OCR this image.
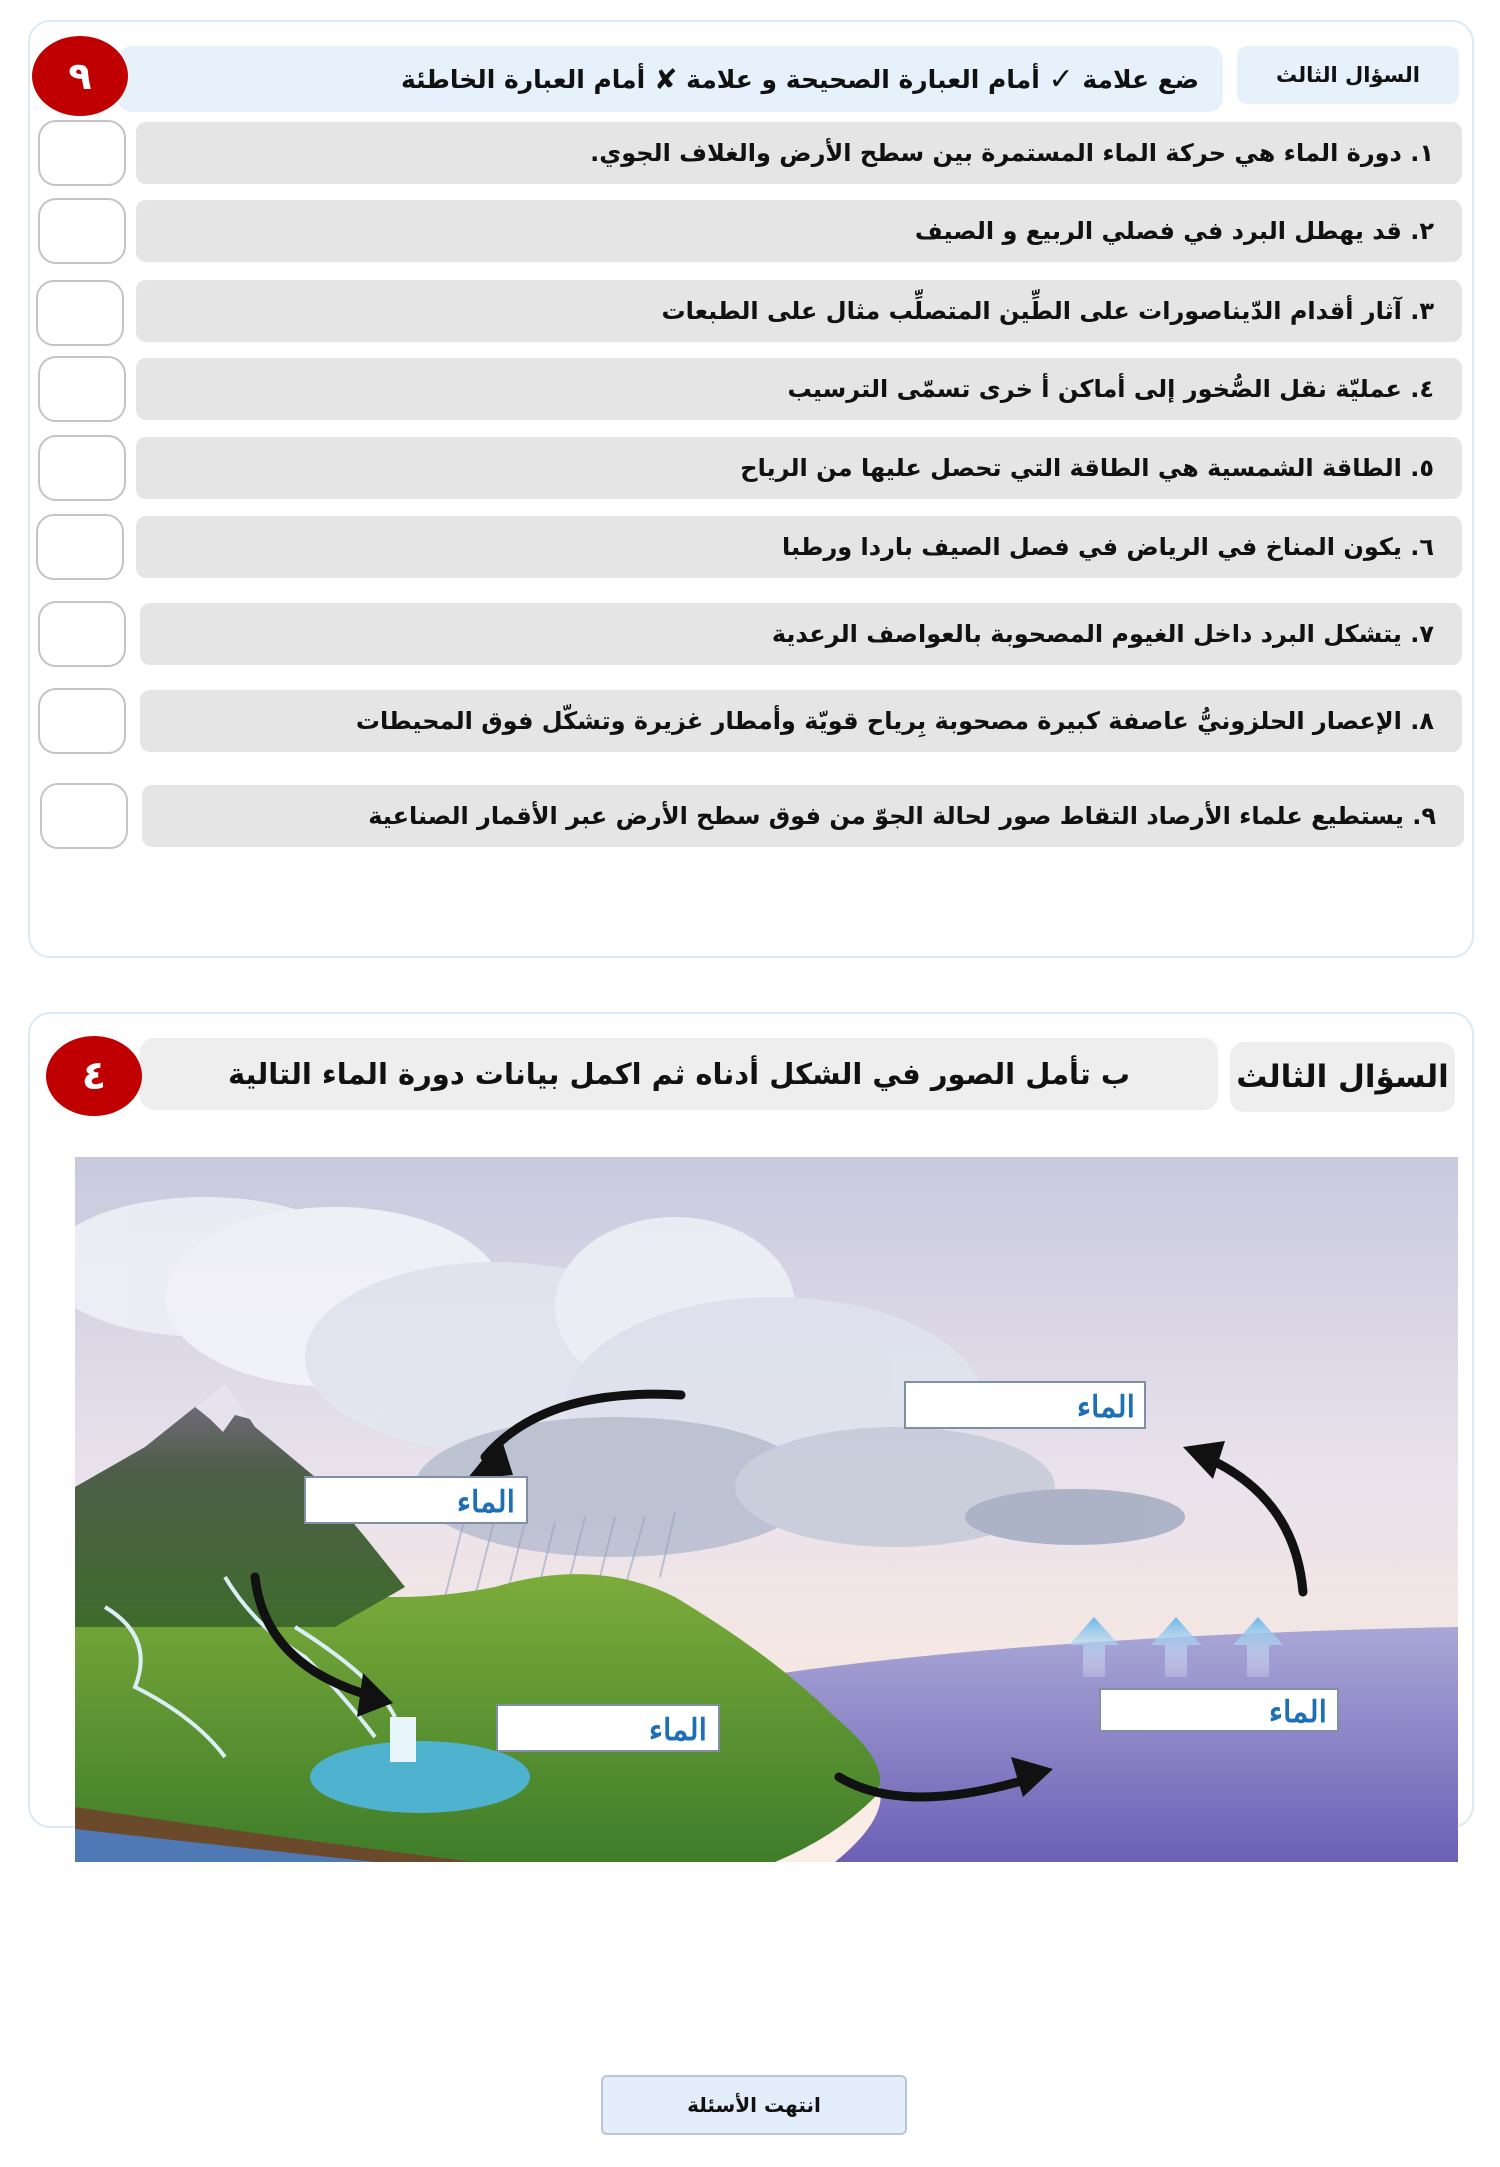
السؤال الثالث
ضع علامة

✓

أمام العبارة الصحيحة و علامة

✘

أمام العبارة الخاطئة
٩
١. دورة الماء هي حركة الماء المستمرة بين سطح الأرض والغلاف الجوي.
٢. قد يهطل البرد في فصلي الربيع و الصيف
٣. آثار أقدام الدّيناصورات على الطِّين المتصلِّب مثال على الطبعات
٤. عمليّة نقل الصُّخور إلى أماكن أ خرى تسمّى الترسيب
٥. الطاقة الشمسية هي الطاقة التي تحصل عليها من الرياح
٦. يكون المناخ في الرياض في فصل الصيف باردا ورطبا
٧. يتشكل البرد داخل الغيوم المصحوبة بالعواصف الرعدية
٨. الإعصار الحلزونيُّ عاصفة كبيرة مصحوبة بِرياح قويّة وأمطار غزيرة وتشكّل فوق المحيطات
٩. يستطيع علماء الأرصاد التقاط صور لحالة الجوّ من فوق سطح الأرض عبر الأقمار الصناعية
السؤال الثالث
ب تأمل الصور في الشكل أدناه ثم اكمل بيانات دورة الماء التالية
٤
الماء
الماء
الماء
الماء
انتهت الأسئلة
